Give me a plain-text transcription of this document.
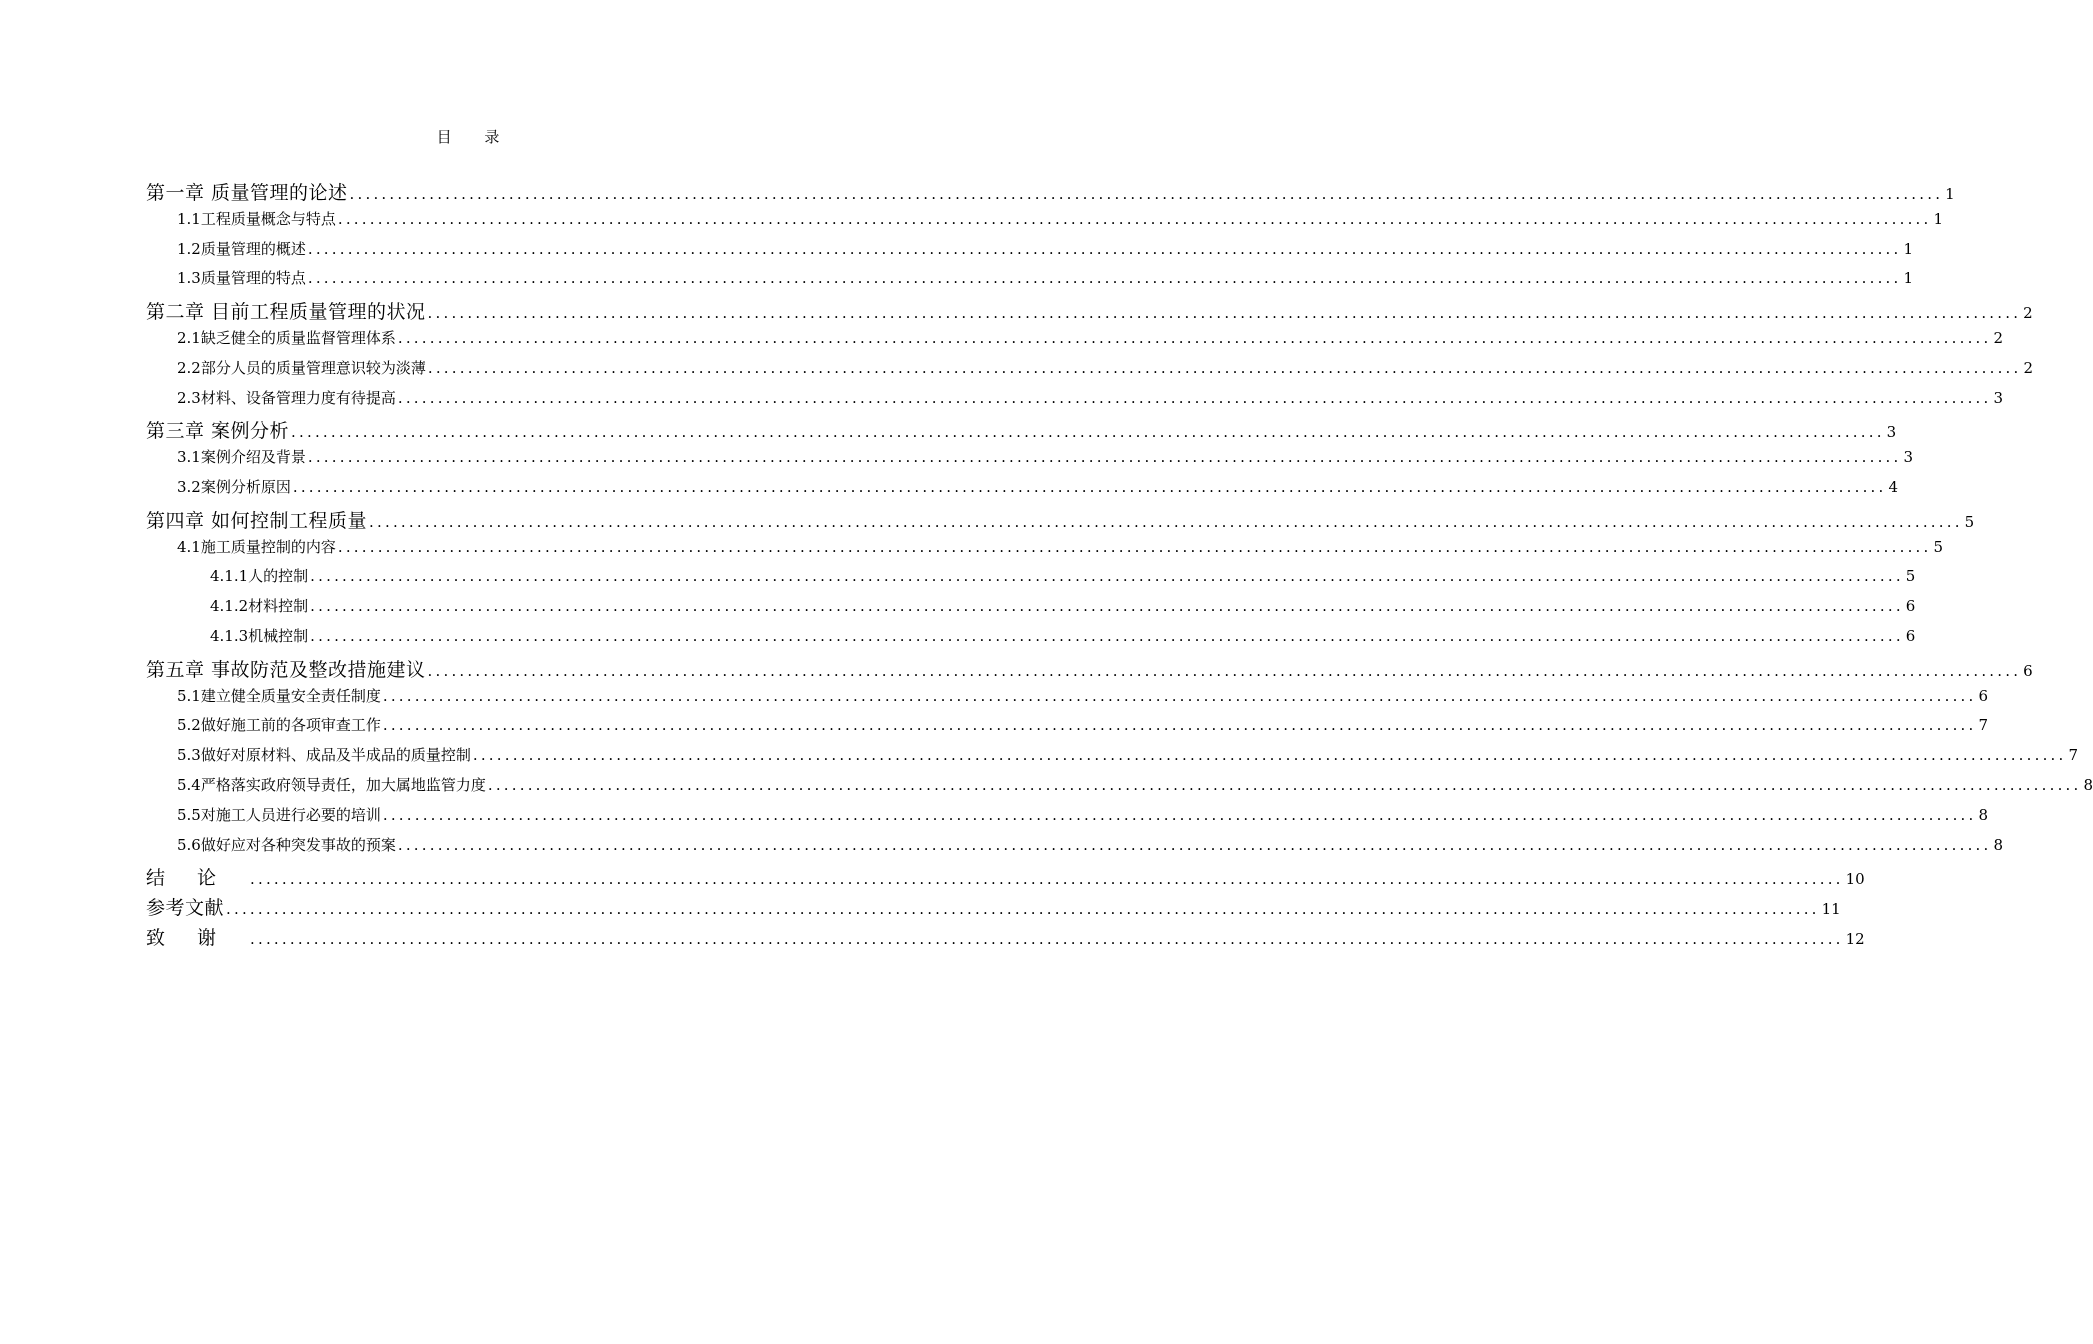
目 录
第一章 质量管理的论述 ........................................................................................................................................................................................................ 1
1.1工程质量概念与特点 ........................................................................................................................................................................................................ 1
1.2质量管理的概述 ........................................................................................................................................................................................................ 1
1.3质量管理的特点 ........................................................................................................................................................................................................ 1
第二章 目前工程质量管理的状况 ........................................................................................................................................................................................................ 2
2.1缺乏健全的质量监督管理体系 ........................................................................................................................................................................................................ 2
2.2部分人员的质量管理意识较为淡薄 ........................................................................................................................................................................................................ 2
2.3材料、设备管理力度有待提高 ........................................................................................................................................................................................................ 3
第三章 案例分析 ........................................................................................................................................................................................................ 3
3.1案例介绍及背景 ........................................................................................................................................................................................................ 3
3.2案例分析原因 ........................................................................................................................................................................................................ 4
第四章 如何控制工程质量 ........................................................................................................................................................................................................ 5
4.1施工质量控制的内容 ........................................................................................................................................................................................................ 5
4.1.1人的控制 ........................................................................................................................................................................................................ 5
4.1.2材料控制 ........................................................................................................................................................................................................ 6
4.1.3机械控制 ........................................................................................................................................................................................................ 6
第五章 事故防范及整改措施建议 ........................................................................................................................................................................................................ 6
5.1建立健全质量安全责任制度 ........................................................................................................................................................................................................ 6
5.2做好施工前的各项审查工作 ........................................................................................................................................................................................................ 7
5.3做好对原材料、成品及半成品的质量控制 ........................................................................................................................................................................................................ 7
5.4严格落实政府领导责任，加大属地监管力度 ........................................................................................................................................................................................................ 8
5.5对施工人员进行必要的培训 ........................................................................................................................................................................................................ 8
5.6做好应对各种突发事故的预案 ........................................................................................................................................................................................................ 8
结论 ........................................................................................................................................................................................................ 10
参考文献 ........................................................................................................................................................................................................ 11
致谢 ........................................................................................................................................................................................................ 12
